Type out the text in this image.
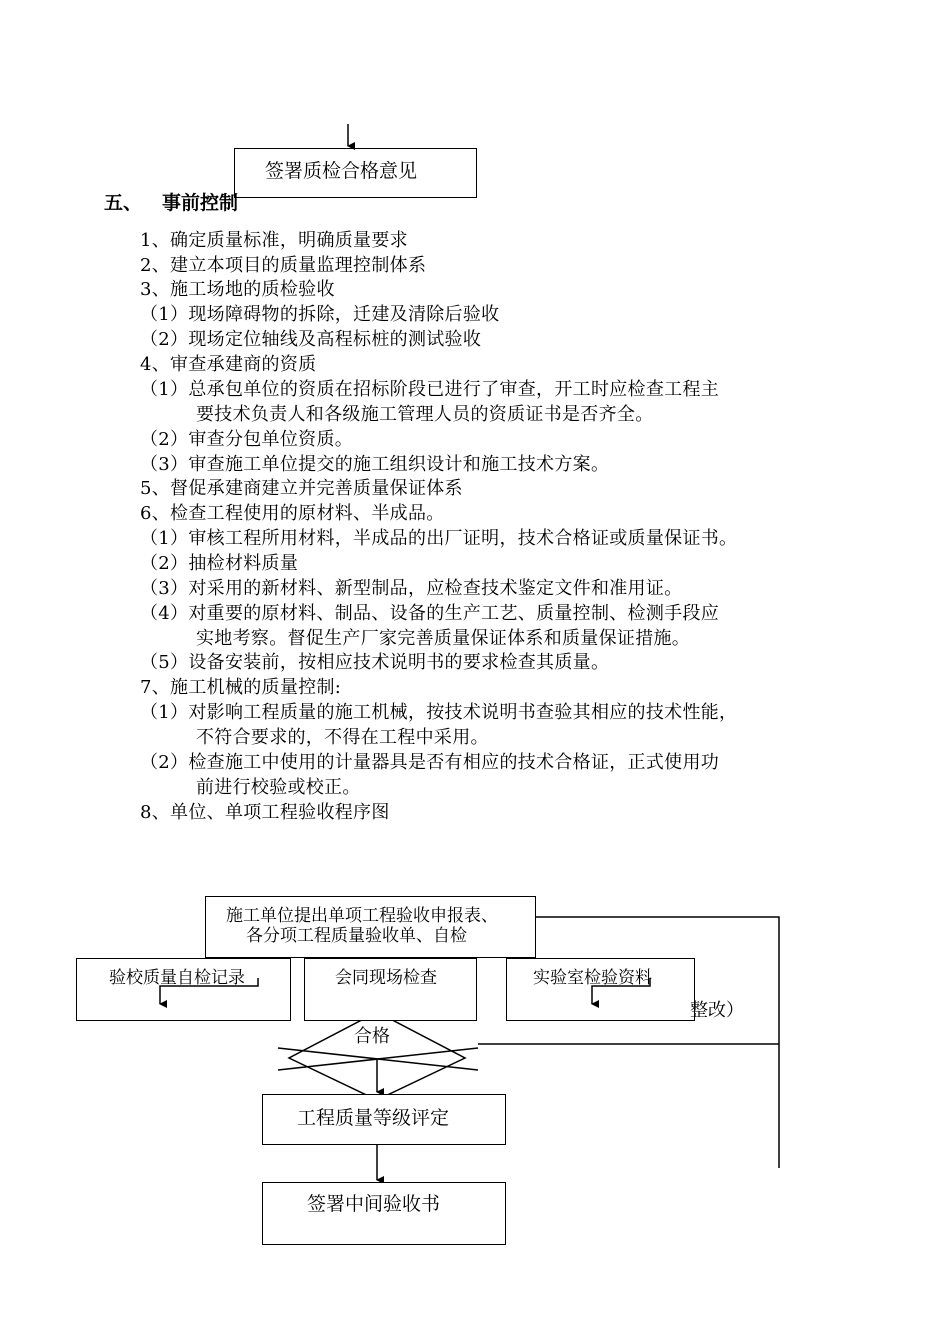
签署质检合格意见
五、 事前控制
1、确定质量标准，明确质量要求
2、建立本项目的质量监理控制体系
3、施工场地的质检验收
（1）现场障碍物的拆除，迁建及清除后验收
（2）现场定位轴线及高程标桩的测试验收
4、审查承建商的资质
（1）总承包单位的资质在招标阶段已进行了审查，开工时应检查工程主
要技术负责人和各级施工管理人员的资质证书是否齐全。
（2）审查分包单位资质。
（3）审查施工单位提交的施工组织设计和施工技术方案。
5、督促承建商建立并完善质量保证体系
6、检查工程使用的原材料、半成品。
（1）审核工程所用材料，半成品的出厂证明，技术合格证或质量保证书。
（2）抽检材料质量
（3）对采用的新材料、新型制品，应检查技术鉴定文件和准用证。
（4）对重要的原材料、制品、设备的生产工艺、质量控制、检测手段应
实地考察。督促生产厂家完善质量保证体系和质量保证措施。
（5）设备安装前，按相应技术说明书的要求检查其质量。
7、施工机械的质量控制:
（1）对影响工程质量的施工机械，按技术说明书查验其相应的技术性能，
不符合要求的，不得在工程中采用。
（2）检查施工中使用的计量器具是否有相应的技术合格证，正式使用功
前进行校验或校正。
8、单位、单项工程验收程序图
施工单位提出单项工程验收申报表、
各分项工程质量验收单、自检
验校质量自检记录	会同现场检查	实验室检验资料
整改）
合格
工程质量等级评定
签署中间验收书
